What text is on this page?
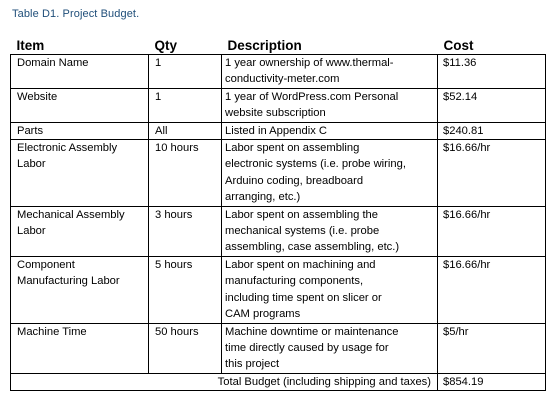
Table D1. Project Budget.
Item	Qty	Description	Cost

Domain Name	1	1 year ownership of www.thermal-
conductivity-meter.com	$11.36

Website	1	1 year of WordPress.com Personal
website subscription	$52.14

Parts	All	Listed in Appendix C	$240.81

Electronic Assembly
Labor	10 hours	Labor spent on assembling
electronic systems (i.e. probe wiring,
Arduino coding, breadboard
arranging, etc.)	$16.66/hr

Mechanical Assembly
Labor	3 hours	Labor spent on assembling the
mechanical systems (i.e. probe
assembling, case assembling, etc.)	$16.66/hr

Component
Manufacturing Labor	5 hours	Labor spent on machining and
manufacturing components,
including time spent on slicer or
CAM programs	$16.66/hr

Machine Time	50 hours	Machine downtime or maintenance
time directly caused by usage for
this project	$5/hr
Total Budget (including shipping and taxes)			$854.19
